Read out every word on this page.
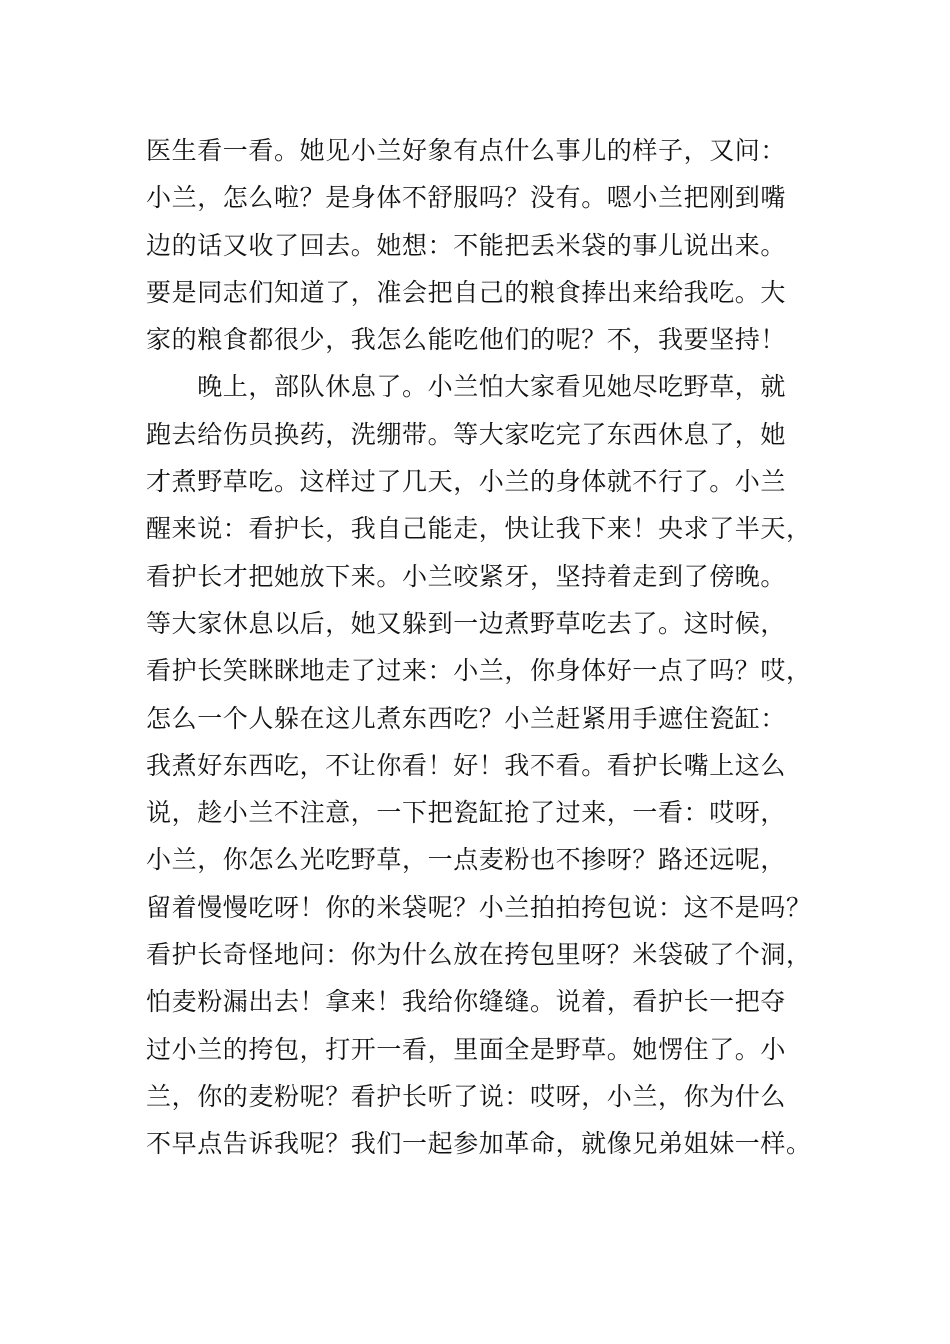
医生看一看。她见小兰好象有点什么事儿的样子，又问：
小兰，怎么啦？是身体不舒服吗？没有。嗯小兰把刚到嘴
边的话又收了回去。她想：不能把丢米袋的事儿说出来。
要是同志们知道了，准会把自己的粮食捧出来给我吃。大
家的粮食都很少，我怎么能吃他们的呢？不，我要坚持！
　　晚上，部队休息了。小兰怕大家看见她尽吃野草，就
跑去给伤员换药，洗绷带。等大家吃完了东西休息了，她
才煮野草吃。这样过了几天，小兰的身体就不行了。小兰
醒来说：看护长，我自己能走，快让我下来！央求了半天，
看护长才把她放下来。小兰咬紧牙，坚持着走到了傍晚。
等大家休息以后，她又躲到一边煮野草吃去了。这时候，
看护长笑眯眯地走了过来：小兰，你身体好一点了吗？哎，
怎么一个人躲在这儿煮东西吃？小兰赶紧用手遮住瓷缸：
我煮好东西吃，不让你看！好！我不看。看护长嘴上这么
说，趁小兰不注意，一下把瓷缸抢了过来，一看：哎呀，
小兰，你怎么光吃野草，一点麦粉也不掺呀？路还远呢，
留着慢慢吃呀！你的米袋呢？小兰拍拍挎包说：这不是吗？
看护长奇怪地问：你为什么放在挎包里呀？米袋破了个洞，
怕麦粉漏出去！拿来！我给你缝缝。说着，看护长一把夺
过小兰的挎包，打开一看，里面全是野草。她愣住了。小
兰，你的麦粉呢？看护长听了说：哎呀，小兰，你为什么
不早点告诉我呢？我们一起参加革命，就像兄弟姐妹一样。
